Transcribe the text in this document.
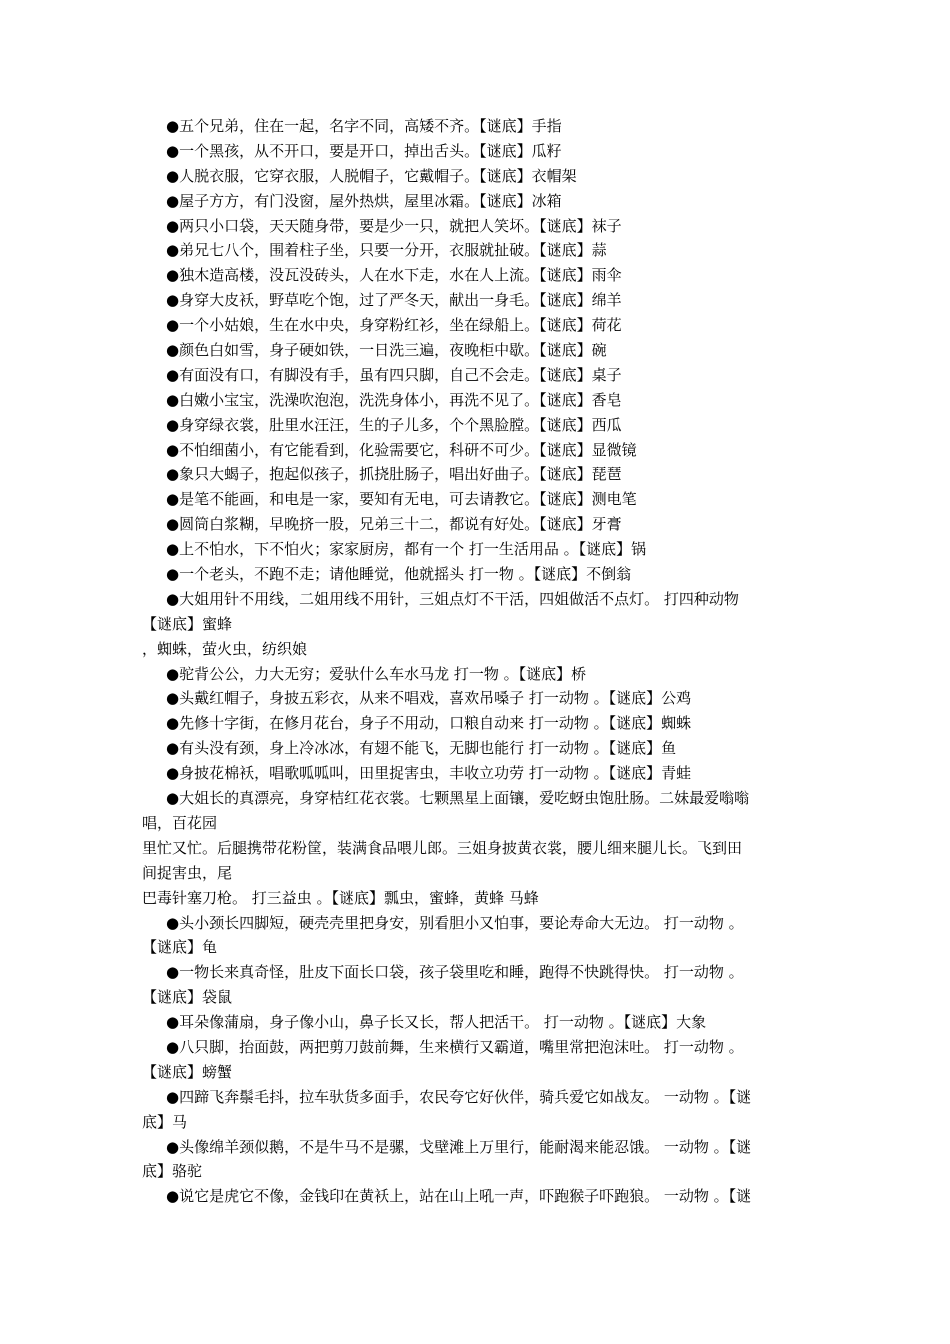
●五个兄弟，住在一起，名字不同，高矮不齐。【谜底】手指
●一个黑孩，从不开口，要是开口，掉出舌头。【谜底】瓜籽
●人脱衣服，它穿衣服，人脱帽子，它戴帽子。【谜底】衣帽架
●屋子方方，有门没窗，屋外热烘，屋里冰霜。【谜底】冰箱
●两只小口袋，天天随身带，要是少一只，就把人笑坏。【谜底】袜子
●弟兄七八个，围着柱子坐，只要一分开，衣服就扯破。【谜底】蒜
●独木造高楼，没瓦没砖头，人在水下走，水在人上流。【谜底】雨伞
●身穿大皮袄，野草吃个饱，过了严冬天，献出一身毛。【谜底】绵羊
●一个小姑娘，生在水中央，身穿粉红衫，坐在绿船上。【谜底】荷花
●颜色白如雪，身子硬如铁，一日洗三遍，夜晚柜中歇。【谜底】碗
●有面没有口，有脚没有手，虽有四只脚，自己不会走。【谜底】桌子
●白嫩小宝宝，洗澡吹泡泡，洗洗身体小，再洗不见了。【谜底】香皂
●身穿绿衣裳，肚里水汪汪，生的子儿多，个个黑脸膛。【谜底】西瓜
●不怕细菌小，有它能看到，化验需要它，科研不可少。【谜底】显微镜
●象只大蝎子，抱起似孩子，抓挠肚肠子，唱出好曲子。【谜底】琵琶
●是笔不能画，和电是一家，要知有无电，可去请教它。【谜底】测电笔
●圆筒白浆糊，早晚挤一股，兄弟三十二，都说有好处。【谜底】牙膏
●上不怕水，下不怕火；家家厨房，都有一个 打一生活用品 。【谜底】锅
●一个老头，不跑不走；请他睡觉，他就摇头 打一物 。【谜底】不倒翁
●大姐用针不用线，二姐用线不用针，三姐点灯不干活，四姐做活不点灯。 打四种动物
【谜底】蜜蜂
，蜘蛛，萤火虫，纺织娘
●驼背公公，力大无穷；爱驮什么车水马龙 打一物 。【谜底】桥
●头戴红帽子，身披五彩衣，从来不唱戏，喜欢吊嗓子 打一动物 。【谜底】公鸡
●先修十字街，在修月花台，身子不用动，口粮自动来 打一动物 。【谜底】蜘蛛
●有头没有颈，身上冷冰冰，有翅不能飞，无脚也能行 打一动物 。【谜底】鱼
●身披花棉袄，唱歌呱呱叫，田里捉害虫，丰收立功劳 打一动物 。【谜底】青蛙
●大姐长的真漂亮，身穿桔红花衣裳。七颗黑星上面镶，爱吃蚜虫饱肚肠。二妹最爱嗡嗡
唱，百花园
里忙又忙。后腿携带花粉筐，装满食品喂儿郎。三姐身披黄衣裳，腰儿细来腿儿长。飞到田
间捉害虫，尾
巴毒针塞刀枪。 打三益虫 。【谜底】瓢虫，蜜蜂，黄蜂 马蜂
●头小颈长四脚短，硬壳壳里把身安，别看胆小又怕事，要论寿命大无边。 打一动物 。
【谜底】龟
●一物长来真奇怪，肚皮下面长口袋，孩子袋里吃和睡，跑得不快跳得快。 打一动物 。
【谜底】袋鼠
●耳朵像蒲扇，身子像小山，鼻子长又长，帮人把活干。 打一动物 。【谜底】大象
●八只脚，抬面鼓，两把剪刀鼓前舞，生来横行又霸道，嘴里常把泡沫吐。 打一动物 。
【谜底】螃蟹
●四蹄飞奔鬃毛抖，拉车驮货多面手，农民夸它好伙伴，骑兵爱它如战友。 一动物 。【谜
底】马
●头像绵羊颈似鹅，不是牛马不是骡，戈壁滩上万里行，能耐渴来能忍饿。 一动物 。【谜
底】骆驼
●说它是虎它不像，金钱印在黄袄上，站在山上吼一声，吓跑猴子吓跑狼。 一动物 。【谜
